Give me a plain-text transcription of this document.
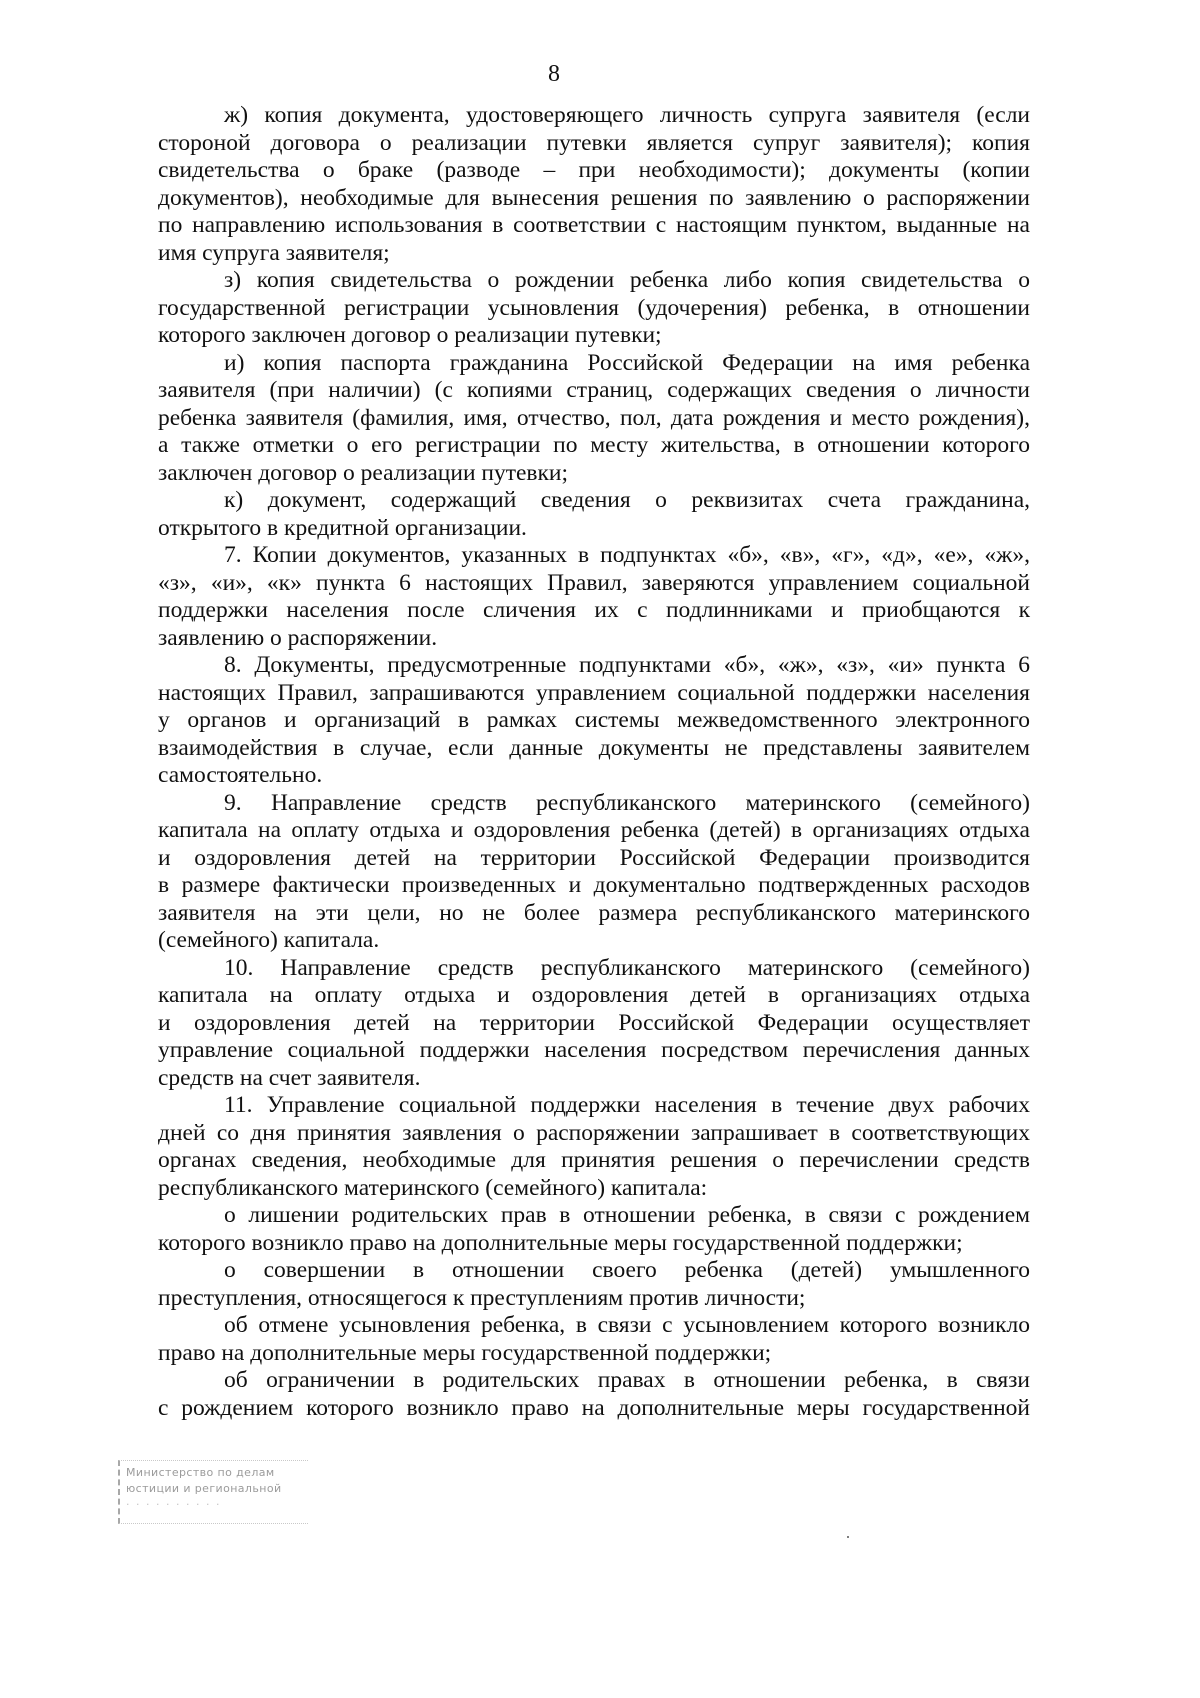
8
ж) копия документа, удостоверяющего личность супруга заявителя (если
стороной договора о реализации путевки является супруг заявителя); копия
свидетельства о браке (разводе – при необходимости); документы (копии
документов), необходимые для вынесения решения по заявлению о распоряжении
по направлению использования в соответствии с настоящим пунктом, выданные на
имя супруга заявителя;
з) копия свидетельства о рождении ребенка либо копия свидетельства о
государственной регистрации усыновления (удочерения) ребенка, в отношении
которого заключен договор о реализации путевки;
и) копия паспорта гражданина Российской Федерации на имя ребенка
заявителя (при наличии) (с копиями страниц, содержащих сведения о личности
ребенка заявителя (фамилия, имя, отчество, пол, дата рождения и место рождения),
а также отметки о его регистрации по месту жительства, в отношении которого
заключен договор о реализации путевки;
к) документ, содержащий сведения о реквизитах счета гражданина,
открытого в кредитной организации.
7. Копии документов, указанных в подпунктах «б», «в», «г», «д», «е», «ж»,
«з», «и», «к» пункта 6 настоящих Правил, заверяются управлением социальной
поддержки населения после сличения их с подлинниками и приобщаются к
заявлению о распоряжении.
8. Документы, предусмотренные подпунктами «б», «ж», «з», «и» пункта 6
настоящих Правил, запрашиваются управлением социальной поддержки населения
у органов и организаций в рамках системы межведомственного электронного
взаимодействия в случае, если данные документы не представлены заявителем
самостоятельно.
9. Направление средств республиканского материнского (семейного)
капитала на оплату отдыха и оздоровления ребенка (детей) в организациях отдыха
и оздоровления детей на территории Российской Федерации производится
в размере фактически произведенных и документально подтвержденных расходов
заявителя на эти цели, но не более размера республиканского материнского
(семейного) капитала.
10. Направление средств республиканского материнского (семейного)
капитала на оплату отдыха и оздоровления детей в организациях отдыха
и оздоровления детей на территории Российской Федерации осуществляет
управление социальной поддержки населения посредством перечисления данных
средств на счет заявителя.
11. Управление социальной поддержки населения в течение двух рабочих
дней со дня принятия заявления о распоряжении запрашивает в соответствующих
органах сведения, необходимые для принятия решения о перечислении средств
республиканского материнского (семейного) капитала:
о лишении родительских прав в отношении ребенка, в связи с рождением
которого возникло право на дополнительные меры государственной поддержки;
о совершении в отношении своего ребенка (детей) умышленного
преступления, относящегося к преступлениям против личности;
об отмене усыновления ребенка, в связи с усыновлением которого возникло
право на дополнительные меры государственной поддержки;
об ограничении в родительских правах в отношении ребенка, в связи
с рождением которого возникло право на дополнительные меры государственной
Министерство по делам
юстиции и региональной
· · · · · · · · · ·
